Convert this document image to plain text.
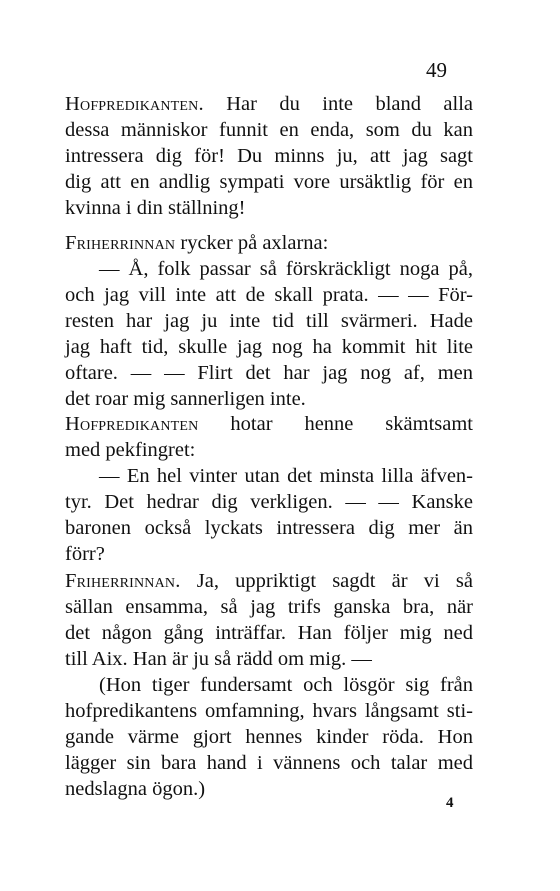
49
Hofpredikanten. Har du inte bland alla
dessa människor funnit en enda, som du kan
intressera dig för! Du minns ju, att jag sagt
dig att en andlig sympati vore ursäktlig för en
kvinna i din ställning!
Friherrinnan rycker på axlarna:
— Å, folk passar så förskräckligt noga på,
och jag vill inte att de skall prata. — — För-
resten har jag ju inte tid till svärmeri. Hade
jag haft tid, skulle jag nog ha kommit hit lite
oftare. — — Flirt det har jag nog af, men
det roar mig sannerligen inte.
Hofpredikanten hotar henne skämtsamt
med pekfingret:
— En hel vinter utan det minsta lilla äfven-
tyr. Det hedrar dig verkligen. — — Kanske
baronen också lyckats intressera dig mer än
förr?
Friherrinnan. Ja, uppriktigt sagdt är vi så
sällan ensamma, så jag trifs ganska bra, när
det någon gång inträffar. Han följer mig ned
till Aix. Han är ju så rädd om mig. —
(Hon tiger fundersamt och lösgör sig från
hofpredikantens omfamning, hvars långsamt sti-
gande värme gjort hennes kinder röda. Hon
lägger sin bara hand i vännens och talar med
nedslagna ögon.)
4
